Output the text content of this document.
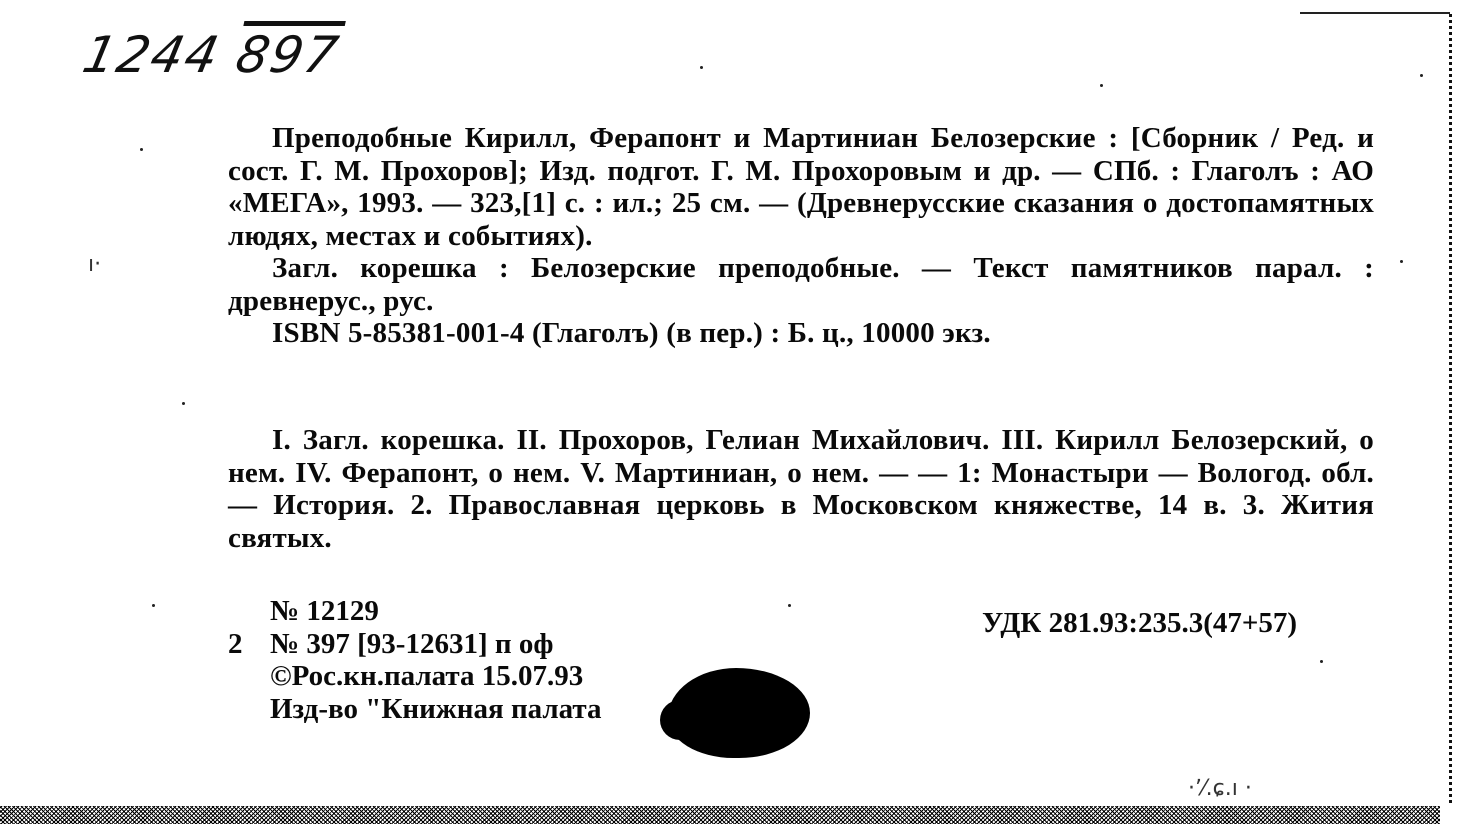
1244 897
ı·

Преподобные Кирилл, Ферапонт и Мартиниан Белозерские : [Сборник / Ред. и сост. Г. М. Прохоров]; Изд. подгот. Г. М. Прохоровым и др. — СПб. : Глаголъ : АО «МЕГА», 1993. — 323,[1] с. : ил.; 25 см. — (Древнерусские сказания о достопамятных людях, местах и событиях).

Загл. корешка : Белозерские преподобные. — Текст памятников парал. : древнерус., рус.

ISBN 5-85381-001-4 (Глаголъ) (в пер.) : Б. ц., 10000 экз.

I. Загл. корешка. II. Прохоров, Гелиан Михайлович. III. Кирилл Белозерский, о нем. IV. Ферапонт, о нем. V. Мартиниан, о нем. — — 1: Монастыри — Вологод. обл. — История. 2. Православная церковь в Московском княжестве, 14 в. 3. Жития святых.

№ 12129
2 № 397 [93-12631] п оф
©Рос.кн.палата 15.07.93
Изд-во "Книжная палата
УДК 281.93:235.3(47+57)
·ʼ⁄.ɕ.ı ·
